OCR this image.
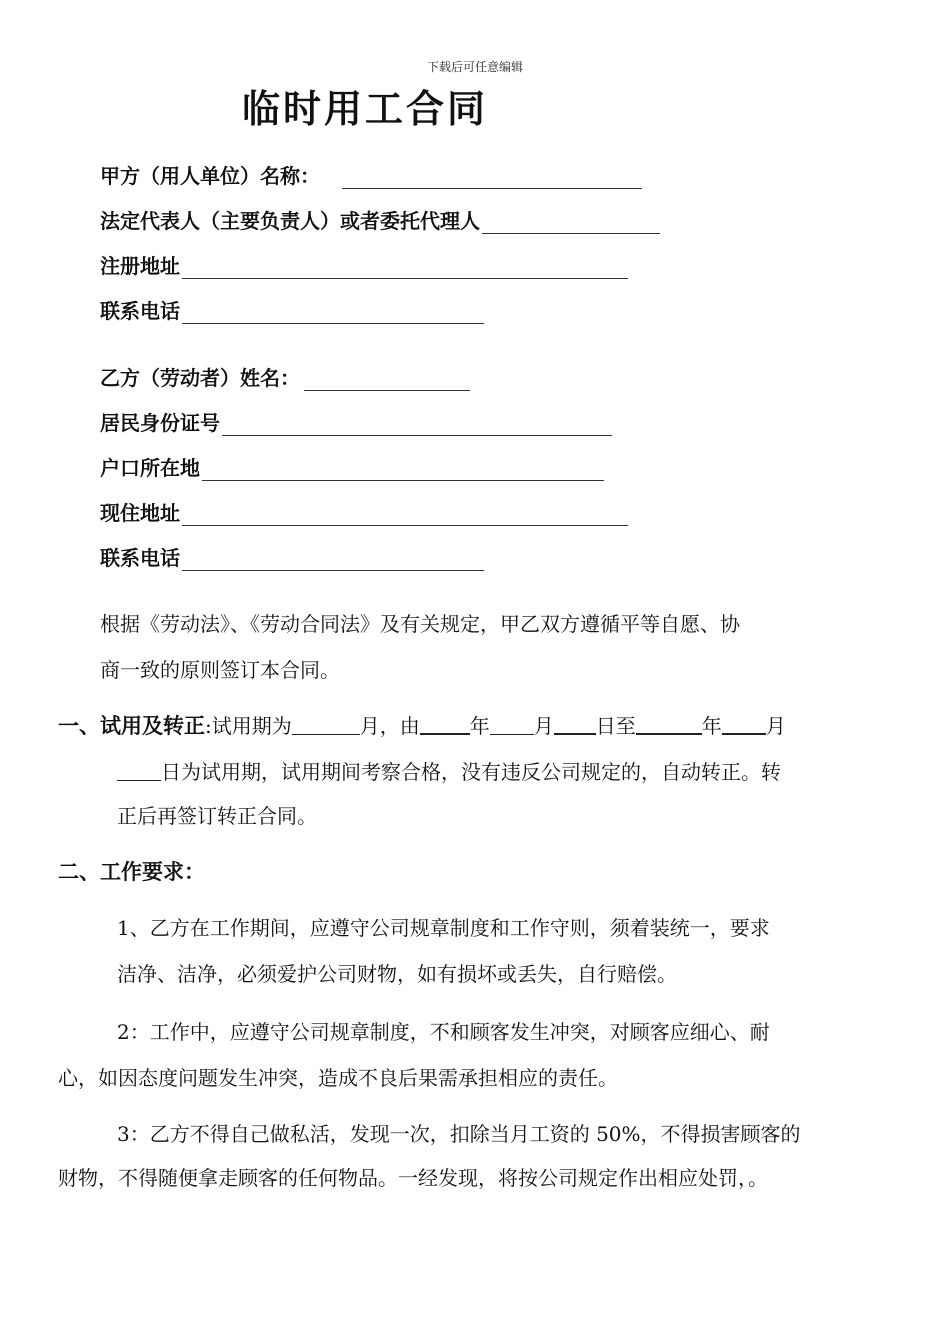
下载后可任意编辑
临时用工合同
甲方（用人单位）名称：
法定代表人（主要负责人）或者委托代理人
注册地址
联系电话
乙方（劳动者）姓名：
居民身份证号
户口所在地
现住地址
联系电话
根据《劳动法》、《劳动合同法》及有关规定，甲乙双方遵循平等自愿、协
商一致的原则签订本合同。
一、试用及转正:试用期为	月，由	年 月 日至	年 月
日为试用期，试用期间考察合格，没有违反公司规定的，自动转正。转
正后再签订转正合同。
二、工作要求：
1、乙方在工作期间，应遵守公司规章制度和工作守则，须着装统一，要求
洁净、洁净，必须爱护公司财物，如有损坏或丢失，自行赔偿。
2：工作中，应遵守公司规章制度，不和顾客发生冲突，对顾客应细心、耐
心，如因态度问题发生冲突，造成不良后果需承担相应的责任。
3：乙方不得自己做私活，发现一次，扣除当月工资的 50%，不得损害顾客的
财物，不得随便拿走顾客的任何物品。一经发现，将按公司规定作出相应处罚，。
